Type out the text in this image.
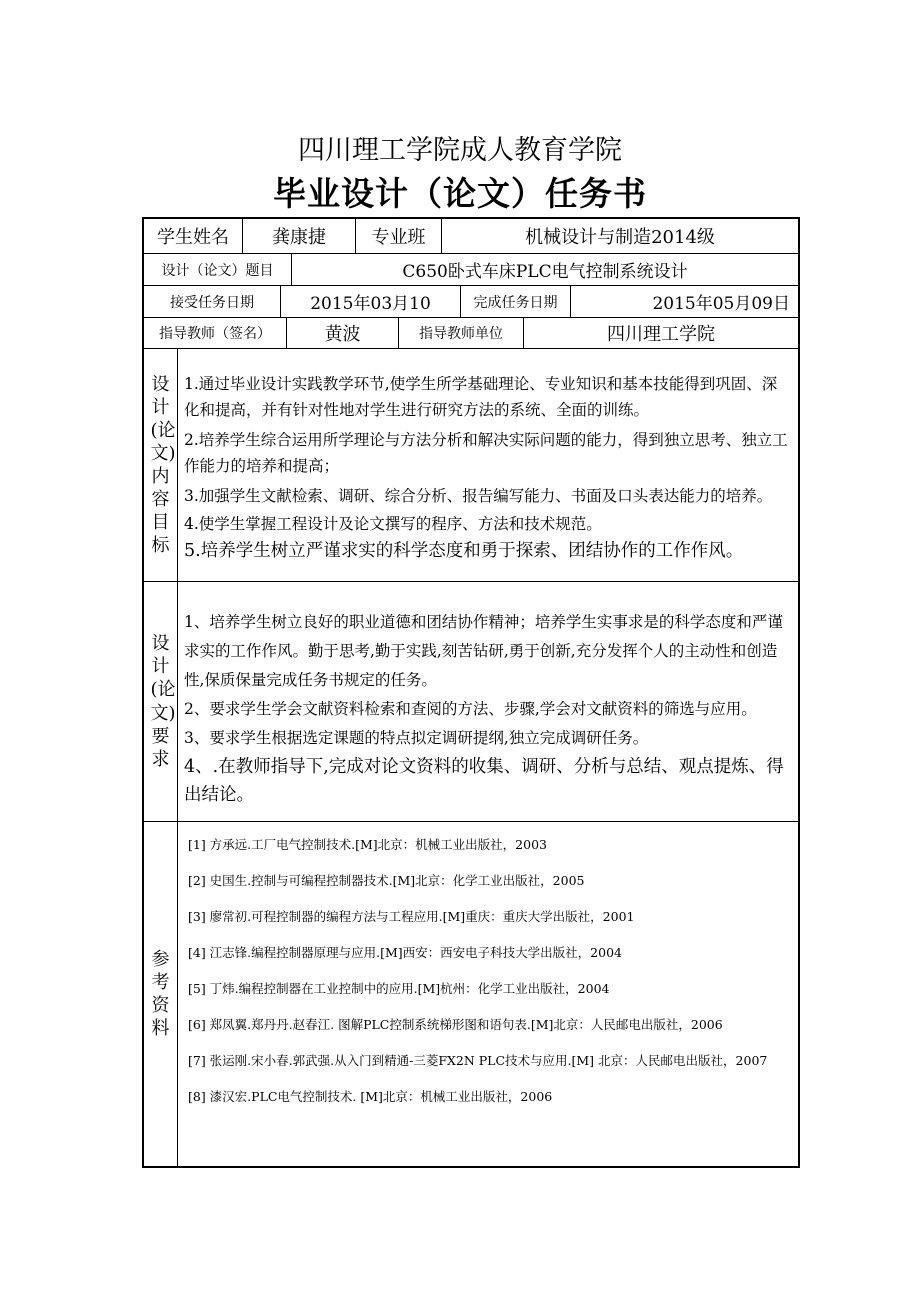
四川理工学院成人教育学院
毕业设计（论文）任务书
学生姓名	龚康捷	专业班	机械设计与制造2014级
设计（论文）题目	C650卧式车床PLC电气控制系统设计
接受任务日期	2015年03月10	完成任务日期	2015年05月09日
指导教师（签名）	黄波	指导教师单位	四川理工学院
设计(论文)内容目标

1.通过毕业设计实践教学环节,使学生所学基础理论、专业知识和基本技能得到巩固、深化和提高，并有针对性地对学生进行研究方法的系统、全面的训练。

2.培养学生综合运用所学理论与方法分析和解决实际问题的能力，得到独立思考、独立工作能力的培养和提高；

3.加强学生文献检索、调研、综合分析、报告编写能力、书面及口头表达能力的培养。

4.使学生掌握工程设计及论文撰写的程序、方法和技术规范。

5.培养学生树立严谨求实的科学态度和勇于探索、团结协作的工作作风。

设计(论文)要求

1、培养学生树立良好的职业道德和团结协作精神；培养学生实事求是的科学态度和严谨求实的工作作风。勤于思考,勤于实践,刻苦钻研,勇于创新,充分发挥个人的主动性和创造性,保质保量完成任务书规定的任务。

2、要求学生学会文献资料检索和查阅的方法、步骤,学会对文献资料的筛选与应用。

3、要求学生根据选定课题的特点拟定调研提纲,独立完成调研任务。

4、.在教师指导下,完成对论文资料的收集、调研、分析与总结、观点提炼、得出结论。

参考资料

[1] 方承远.工厂电气控制技术.[M]北京：机械工业出版社，2003

[2] 史国生.控制与可编程控制器技术.[M]北京：化学工业出版社，2005

[3] 廖常初.可程控制器的编程方法与工程应用.[M]重庆：重庆大学出版社，2001

[4] 江志锋.编程控制器原理与应用.[M]西安：西安电子科技大学出版社，2004

[5] 丁炜.编程控制器在工业控制中的应用.[M]杭州：化学工业出版社，2004

[6] 郑凤翼.郑丹丹.赵春江. 图解PLC控制系统梯形图和语句表.[M]北京：人民邮电出版社，2006

[7] 张运刚.宋小春.郭武强.从入门到精通-三菱FX2N PLC技术与应用.[M] 北京：人民邮电出版社，2007

[8] 漆汉宏.PLC电气控制技术. [M]北京：机械工业出版社，2006
